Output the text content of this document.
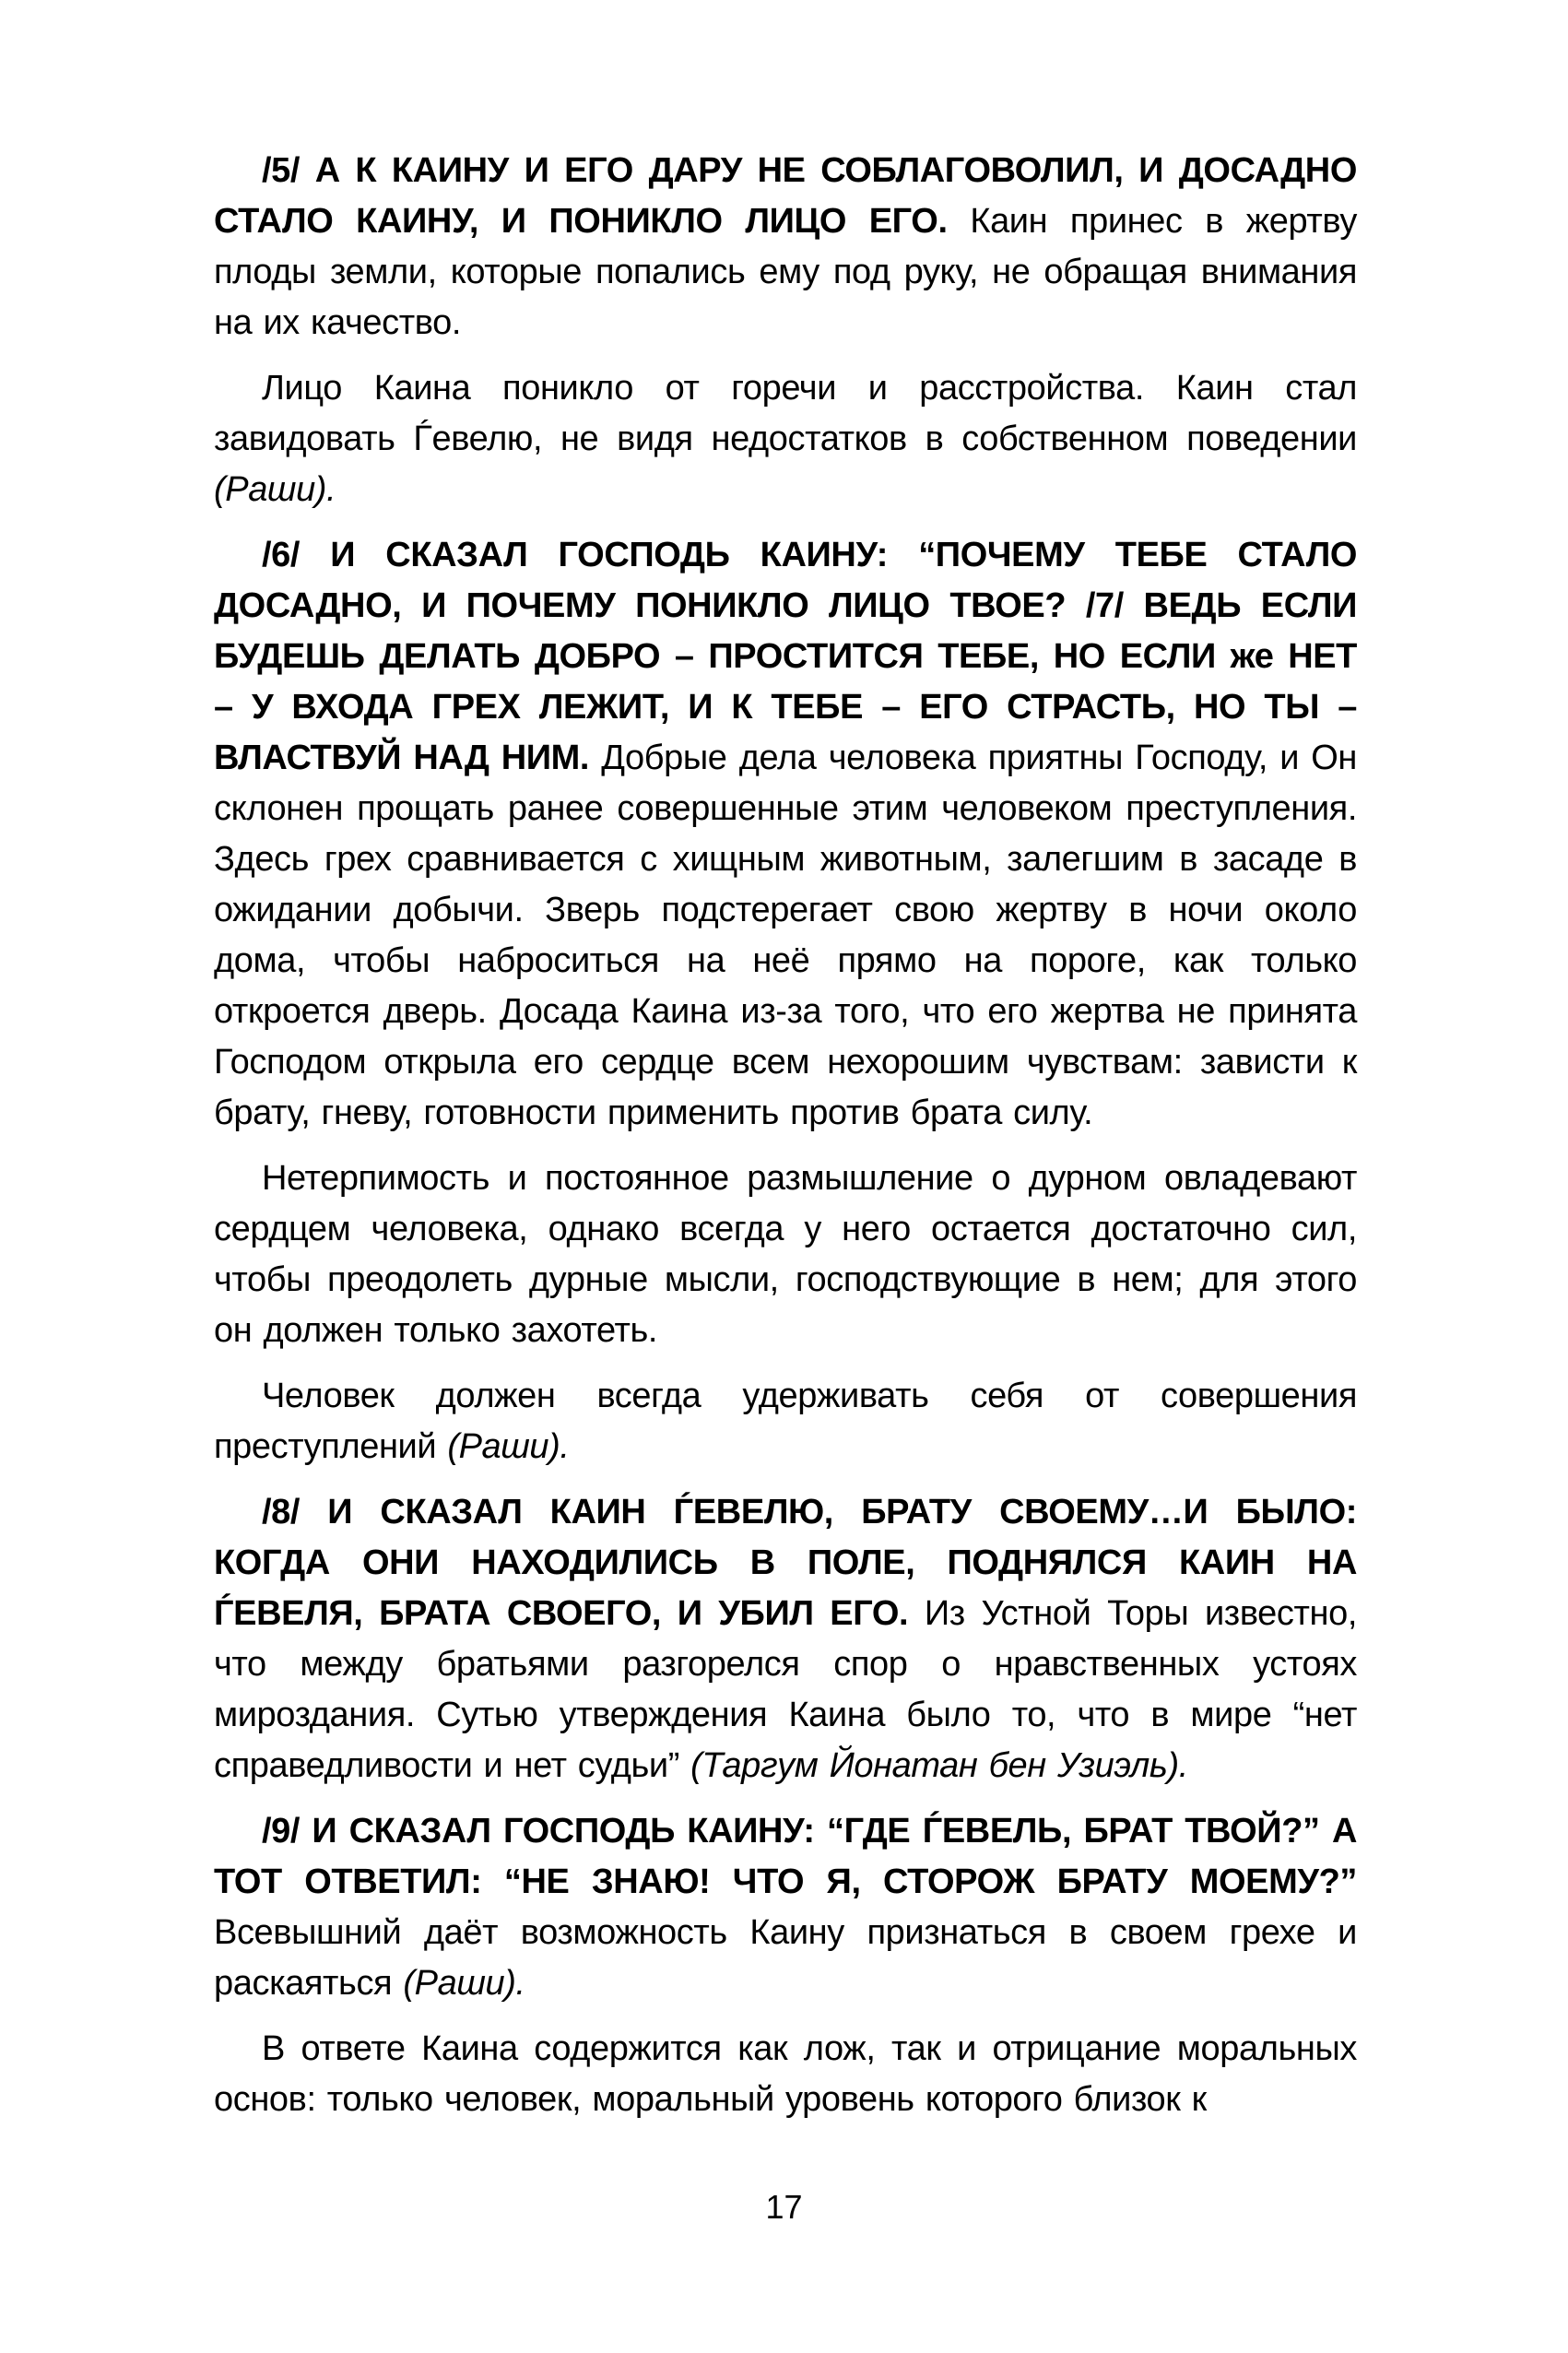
/5/ А К КАИНУ И ЕГО ДАРУ НЕ СОБЛАГОВОЛИЛ, И ДОСАДНО СТАЛО КАИНУ, И ПОНИКЛО ЛИЦО ЕГО. Каин принес в жертву плоды земли, которые попались ему под руку, не обращая внимания на их качество.

Лицо Каина поникло от горечи и расстройства. Каин стал завидовать Ѓевелю, не видя недостатков в собственном поведении (Раши).

/6/ И СКАЗАЛ ГОСПОДЬ КАИНУ: “ПОЧЕМУ ТЕБЕ СТАЛО ДОСАДНО, И ПОЧЕМУ ПОНИКЛО ЛИЦО ТВОЕ? /7/ ВЕДЬ ЕСЛИ БУДЕШЬ ДЕЛАТЬ ДОБРО – ПРОСТИТСЯ ТЕБЕ, НО ЕСЛИ же НЕТ – У ВХОДА ГРЕХ ЛЕЖИТ, И К ТЕБЕ – ЕГО СТРАСТЬ, НО ТЫ – ВЛАСТВУЙ НАД НИМ. Добрые дела человека приятны Господу, и Он склонен прощать ранее совершенные этим человеком преступления. Здесь грех сравнивается с хищным животным, залегшим в засаде в ожидании добычи. Зверь подстерегает свою жертву в ночи около дома, чтобы наброситься на неё прямо на пороге, как только откроется дверь. Досада Каина из-за того, что его жертва не принята Господом открыла его сердце всем нехорошим чувствам: зависти к брату, гневу, готовности применить против брата силу.

Нетерпимость и постоянное размышление о дурном овладевают сердцем человека, однако всегда у него остается достаточно сил, чтобы преодолеть дурные мысли, господствующие в нем; для этого он должен только захотеть.

Человек должен всегда удерживать себя от совершения преступлений (Раши).

/8/ И СКАЗАЛ КАИН ЃЕВЕЛЮ, БРАТУ СВОЕМУ…И БЫЛО: КОГДА ОНИ НАХОДИЛИСЬ В ПОЛЕ, ПОДНЯЛСЯ КАИН НА ЃЕВЕЛЯ, БРАТА СВОЕГО, И УБИЛ ЕГО. Из Устной Торы известно, что между братьями разгорелся спор о нравственных устоях мироздания. Сутью утверждения Каина было то, что в мире “нет справедливости и нет судьи” (Таргум Йонатан бен Узиэль).

/9/ И СКАЗАЛ ГОСПОДЬ КАИНУ: “ГДЕ ЃЕВЕЛЬ, БРАТ ТВОЙ?” А ТОТ ОТВЕТИЛ: “НЕ ЗНАЮ! ЧТО Я, СТОРОЖ БРАТУ МОЕМУ?” Всевышний даёт возможность Каину признаться в своем грехе и раскаяться (Раши).

В ответе Каина содержится как лож, так и отрицание моральных основ: только человек, моральный уровень которого близок к

17
